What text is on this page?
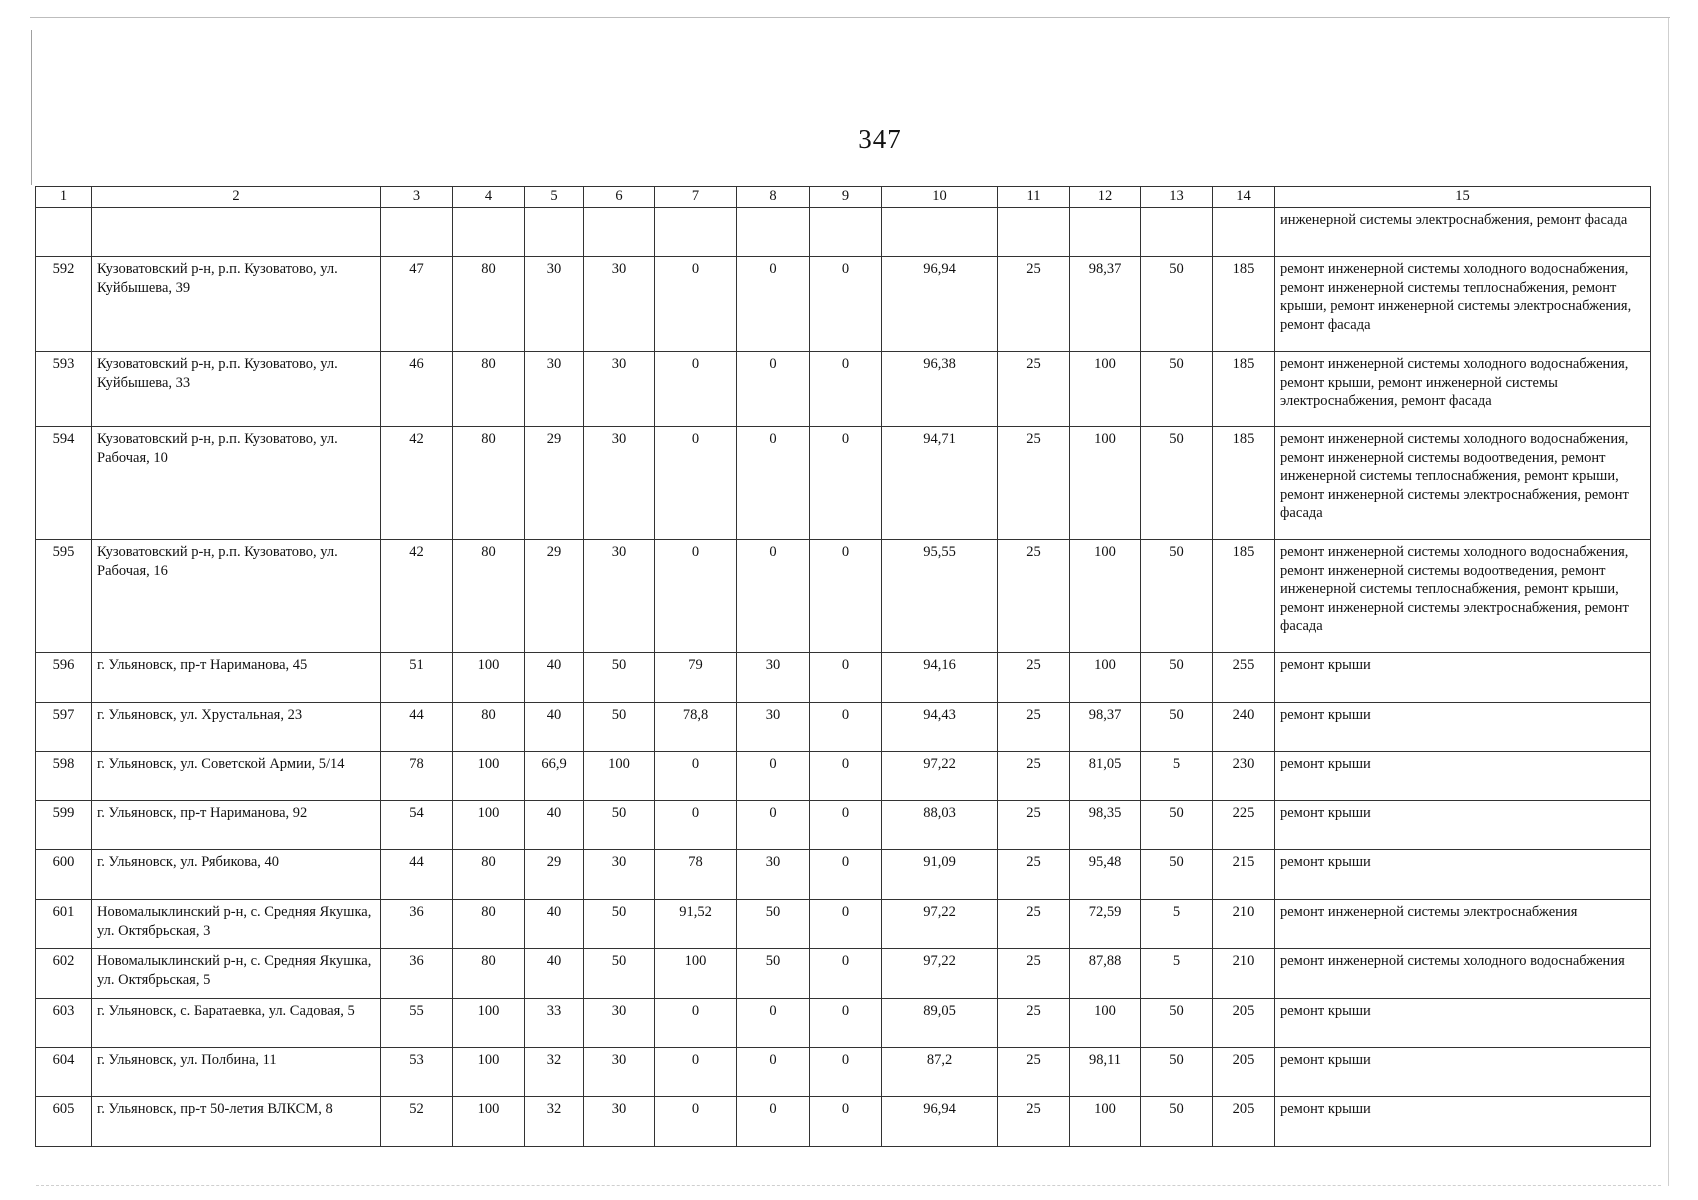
347
1	2	3	4	5	6	7	8	9	10	11	12	13	14	15
														инженерной системы электроснабжения, ремонт фасада
592	Кузоватовский р-н, р.п. Кузоватово, ул. Куйбышева, 39	47	80	30	30	0	0	0	96,94	25	98,37	50	185	ремонт инженерной системы холодного водоснабжения, ремонт инженерной системы теплоснабжения, ремонт крыши, ремонт инженерной системы электроснабжения, ремонт фасада
593	Кузоватовский р-н, р.п. Кузоватово, ул. Куйбышева, 33	46	80	30	30	0	0	0	96,38	25	100	50	185	ремонт инженерной системы холодного водоснабжения, ремонт крыши, ремонт инженерной системы электроснабжения, ремонт фасада
594	Кузоватовский р-н, р.п. Кузоватово, ул. Рабочая, 10	42	80	29	30	0	0	0	94,71	25	100	50	185	ремонт инженерной системы холодного водоснабжения, ремонт инженерной системы водоотведения, ремонт инженерной системы теплоснабжения, ремонт крыши, ремонт инженерной системы электроснабжения, ремонт фасада
595	Кузоватовский р-н, р.п. Кузоватово, ул. Рабочая, 16	42	80	29	30	0	0	0	95,55	25	100	50	185	ремонт инженерной системы холодного водоснабжения, ремонт инженерной системы водоотведения, ремонт инженерной системы теплоснабжения, ремонт крыши, ремонт инженерной системы электроснабжения, ремонт фасада
596	г. Ульяновск, пр-т Нариманова, 45	51	100	40	50	79	30	0	94,16	25	100	50	255	ремонт крыши
597	г. Ульяновск, ул. Хрустальная, 23	44	80	40	50	78,8	30	0	94,43	25	98,37	50	240	ремонт крыши
598	г. Ульяновск, ул. Советской Армии, 5/14	78	100	66,9	100	0	0	0	97,22	25	81,05	5	230	ремонт крыши
599	г. Ульяновск, пр-т Нариманова, 92	54	100	40	50	0	0	0	88,03	25	98,35	50	225	ремонт крыши
600	г. Ульяновск, ул. Рябикова, 40	44	80	29	30	78	30	0	91,09	25	95,48	50	215	ремонт крыши
601	Новомалыклинский р-н, с. Средняя Якушка, ул. Октябрьская, 3	36	80	40	50	91,52	50	0	97,22	25	72,59	5	210	ремонт инженерной системы электроснабжения
602	Новомалыклинский р-н, с. Средняя Якушка, ул. Октябрьская, 5	36	80	40	50	100	50	0	97,22	25	87,88	5	210	ремонт инженерной системы холодного водоснабжения
603	г. Ульяновск, с. Баратаевка, ул. Садовая, 5	55	100	33	30	0	0	0	89,05	25	100	50	205	ремонт крыши
604	г. Ульяновск, ул. Полбина, 11	53	100	32	30	0	0	0	87,2	25	98,11	50	205	ремонт крыши
605	г. Ульяновск, пр-т 50-летия ВЛКСМ, 8	52	100	32	30	0	0	0	96,94	25	100	50	205	ремонт крыши
